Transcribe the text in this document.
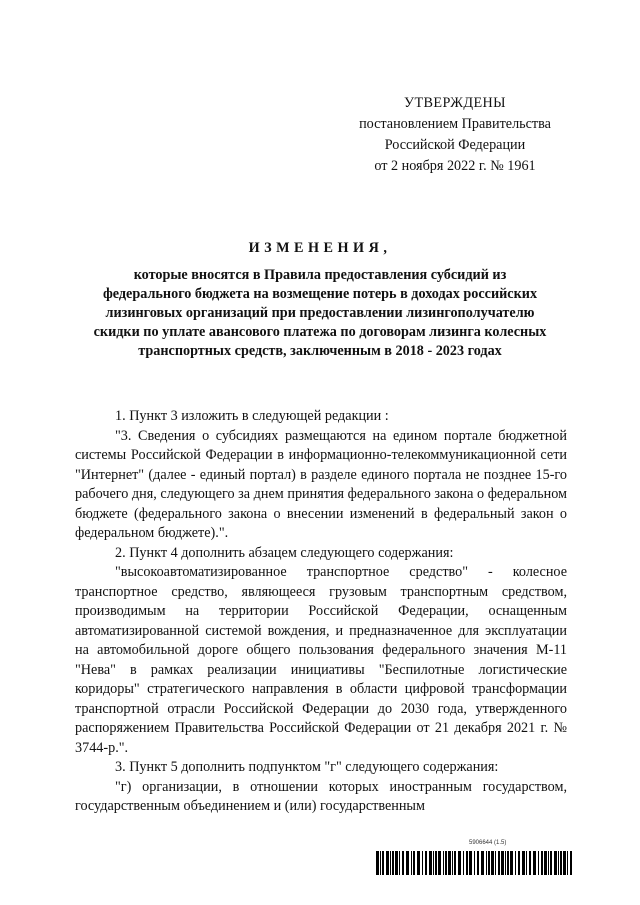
УТВЕРЖДЕНЫ
постановлением Правительства
Российской Федерации
от 2 ноября 2022 г. № 1961
ИЗМЕНЕНИЯ,
которые вносятся в Правила предоставления субсидий из федерального бюджета на возмещение потерь в доходах российских лизинговых организаций при предоставлении лизингополучателю скидки по уплате авансового платежа по договорам лизинга колесных транспортных средств, заключенным в 2018 - 2023 годах

1. Пункт 3 изложить в следующей редакции :

"3. Сведения о субсидиях размещаются на едином портале бюджетной системы Российской Федерации в информационно-телекоммуникационной сети "Интернет" (далее - единый портал) в разделе единого портала не позднее 15-го рабочего дня, следующего за днем принятия федерального закона о федеральном бюджете (федерального закона о внесении изменений в федеральный закон о федеральном бюджете).".

2. Пункт 4 дополнить абзацем следующего содержания:

"высокоавтоматизированное транспортное средство" - колесное транспортное средство, являющееся грузовым транспортным средством, производимым на территории Российской Федерации, оснащенным автоматизированной системой вождения, и предназначенное для эксплуатации на автомобильной дороге общего пользования федерального значения М-11 "Нева" в рамках реализации инициативы "Беспилотные логистические коридоры" стратегического направления в области цифровой трансформации транспортной отрасли Российской Федерации до 2030 года, утвержденного распоряжением Правительства Российской Федерации от 21 декабря 2021 г. № 3744-р.".

3. Пункт 5 дополнить подпунктом "г" следующего содержания:

"г) организации, в отношении которых иностранным государством, государственным объединением и (или) государственным

5906644 (1.5)
